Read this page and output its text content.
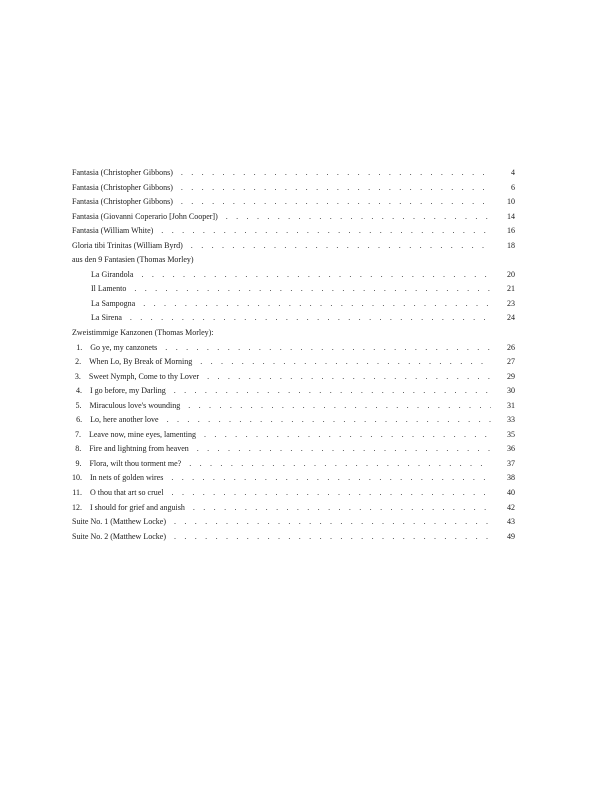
Fantasia (Christopher Gibbons) . . .	4
Fantasia (Christopher Gibbons) . . .	6
Fantasia (Christopher Gibbons) . . .	10
Fantasia (Giovanni Coperario [John Cooper]) . . .	14
Fantasia (William White) . . .	16
Gloria tibi Trinitas (William Byrd) . . .	18
aus den 9 Fantasien (Thomas Morley)
La Girandola . . .	20
Il Lamento . . .	21
La Sampogna . . .	23
La Sirena . . .	24
Zweistimmige Kanzonen (Thomas Morley):
1.	Go ye, my canzonets . . .	26
2.	When Lo, By Break of Morning . . .	27
3.	Sweet Nymph, Come to thy Lover . . .	29
4.	I go before, my Darling . . .	30
5.	Miraculous love's wounding . . .	31
6.	Lo, here another love . . .	33
7.	Leave now, mine eyes, lamenting . . .	35
8.	Fire and lightning from heaven . . .	36
9.	Flora, wilt thou torment me? . . .	37
10.	In nets of golden wires . . .	38
11.	O thou that art so cruel . . .	40
12.	I should for grief and anguish . . .	42
Suite No. 1 (Matthew Locke) . . .	43
Suite No. 2 (Matthew Locke) . . .	49
